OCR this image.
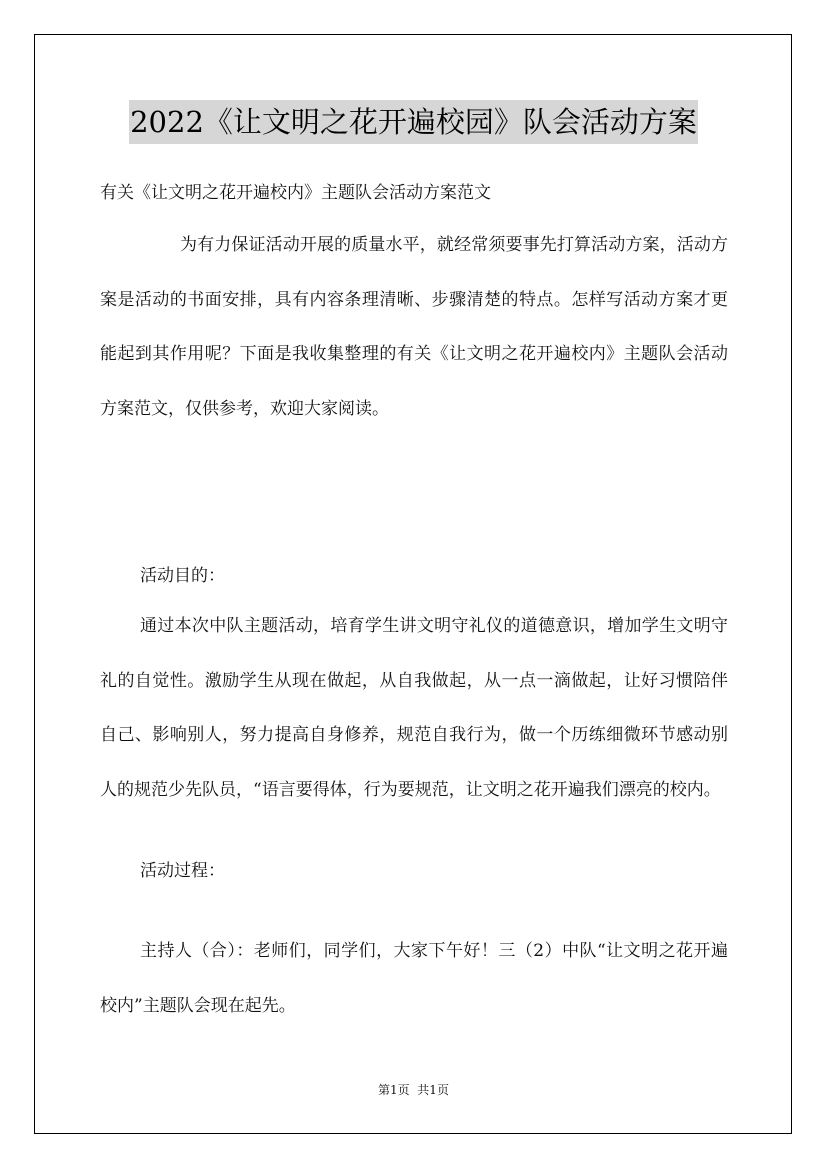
2022《让文明之花开遍校园》队会活动方案
有关《让文明之花开遍校内》主题队会活动方案范文

为有力保证活动开展的质量水平，就经常须要事先打算活动方案，活动方案是活动的书面安排，具有内容条理清晰、步骤清楚的特点。怎样写活动方案才更能起到其作用呢？下面是我收集整理的有关《让文明之花开遍校内》主题队会活动方案范文，仅供参考，欢迎大家阅读。

活动目的：

通过本次中队主题活动，培育学生讲文明守礼仪的道德意识，增加学生文明守礼的自觉性。激励学生从现在做起，从自我做起，从一点一滴做起，让好习惯陪伴自己、影响别人，努力提高自身修养，规范自我行为，做一个历练细微环节感动别人的规范少先队员，“语言要得体，行为要规范，让文明之花开遍我们漂亮的校内。

活动过程：

主持人（合）：老师们，同学们，大家下午好！三（2）中队“让文明之花开遍校内”主题队会现在起先。

第1页  共1页
